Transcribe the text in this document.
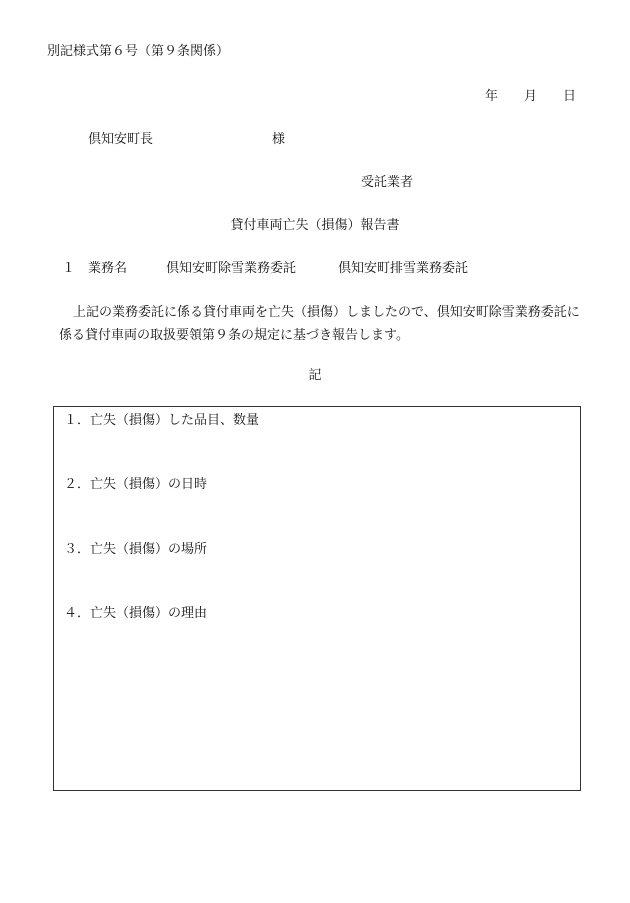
別記様式第６号（第９条関係）
年 月 日
倶知安町長	様
受託業者
貸付車両亡失（損傷）報告書
１ 業務名	倶知安町除雪業務委託	倶知安町排雪業務委託
上記の業務委託に係る貸付車両を亡失（損傷）しましたので、倶知安町除雪業務委託に係る貸付車両の取扱要領第９条の規定に基づき報告します。
記
１．亡失（損傷）した品目、数量
２．亡失（損傷）の日時
３．亡失（損傷）の場所
４．亡失（損傷）の理由
